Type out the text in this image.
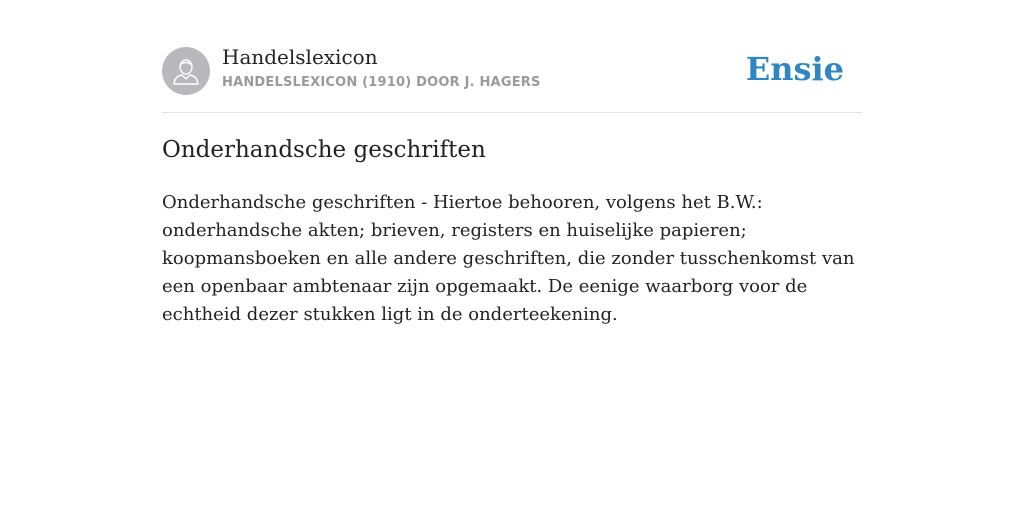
Handelslexicon
HANDELSLEXICON (1910) DOOR J. HAGERS	Ensie
Onderhandsche geschriften

Onderhandsche geschriften - Hiertoe behooren, volgens het B.W.: onderhandsche akten; brieven, registers en huiselijke papieren; koopmansboeken en alle andere geschriften, die zonder tusschenkomst van een openbaar ambtenaar zijn opgemaakt. De eenige waarborg voor de echtheid dezer stukken ligt in de onderteekening.
